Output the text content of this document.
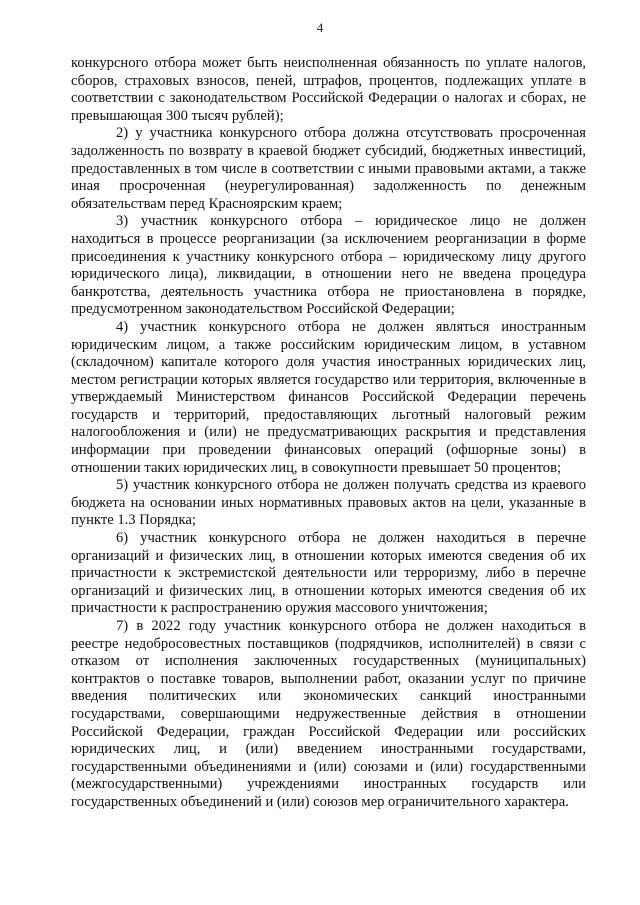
4

конкурсного отбора может быть неисполненная обязанность по уплате налогов, сборов, страховых взносов, пеней, штрафов, процентов, подлежащих уплате в соответствии с законодательством Российской Федерации о налогах и сборах, не превышающая 300 тысяч рублей);

2) у участника конкурсного отбора должна отсутствовать просроченная задолженность по возврату в краевой бюджет субсидий, бюджетных инвестиций, предоставленных в том числе в соответствии с иными правовыми актами, а также иная просроченная (неурегулированная) задолженность по денежным обязательствам перед Красноярским краем;

3) участник конкурсного отбора – юридическое лицо не должен находиться в процессе реорганизации (за исключением реорганизации в форме присоединения к участнику конкурсного отбора – юридическому лицу другого юридического лица), ликвидации, в отношении него не введена процедура банкротства, деятельность участника отбора не приостановлена в порядке, предусмотренном законодательством Российской Федерации;

4) участник конкурсного отбора не должен являться иностранным юридическим лицом, а также российским юридическим лицом, в уставном (складочном) капитале которого доля участия иностранных юридических лиц, местом регистрации которых является государство или территория, включенные в утверждаемый Министерством финансов Российской Федерации перечень государств и территорий, предоставляющих льготный налоговый режим налогообложения и (или) не предусматривающих раскрытия и представления информации при проведении финансовых операций (офшорные зоны) в отношении таких юридических лиц, в совокупности превышает 50 процентов;

5) участник конкурсного отбора не должен получать средства из краевого бюджета на основании иных нормативных правовых актов на цели, указанные в пункте 1.3 Порядка;

6) участник конкурсного отбора не должен находиться в перечне организаций и физических лиц, в отношении которых имеются сведения об их причастности к экстремистской деятельности или терроризму, либо в перечне организаций и физических лиц, в отношении которых имеются сведения об их причастности к распространению оружия массового уничтожения;

7) в 2022 году участник конкурсного отбора не должен находиться в реестре недобросовестных поставщиков (подрядчиков, исполнителей) в связи с отказом от исполнения заключенных государственных (муниципальных) контрактов о поставке товаров, выполнении работ, оказании услуг по причине введения политических или экономических санкций иностранными государствами, совершающими недружественные действия в отношении Российской Федерации, граждан Российской Федерации или российских юридических лиц, и (или) введением иностранными государствами, государственными объединениями и (или) союзами и (или) государственными (межгосударственными) учреждениями иностранных государств или государственных объединений и (или) союзов мер ограничительного характера.
